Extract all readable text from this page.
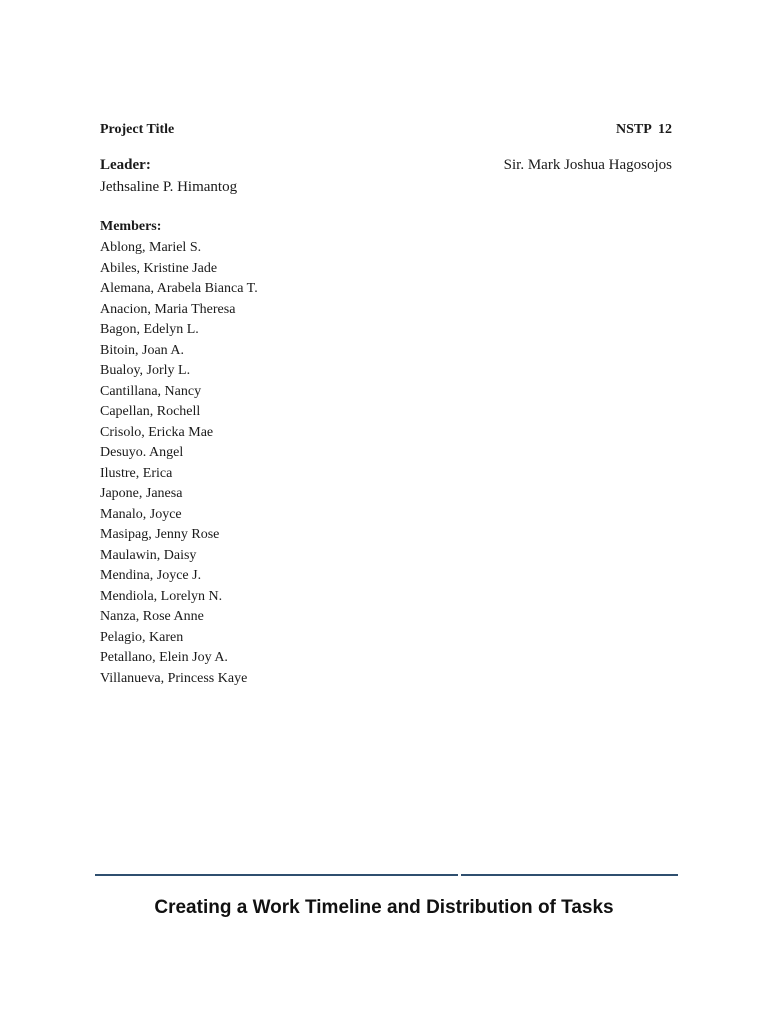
Project Title	NSTP  12
Leader:	Sir. Mark Joshua Hagosojos
Jethsaline P. Himantog
Members:
Ablong, Mariel S.
Abiles, Kristine Jade
Alemana, Arabela Bianca T.
Anacion, Maria Theresa
Bagon, Edelyn L.
Bitoin, Joan A.
Bualoy, Jorly L.
Cantillana, Nancy
Capellan, Rochell
Crisolo, Ericka Mae
Desuyo. Angel
Ilustre, Erica
Japone, Janesa
Manalo, Joyce
Masipag, Jenny Rose
Maulawin, Daisy
Mendina, Joyce J.
Mendiola, Lorelyn N.
Nanza, Rose Anne
Pelagio, Karen
Petallano, Elein Joy A.
Villanueva, Princess Kaye
Creating a Work Timeline and Distribution of Tasks
